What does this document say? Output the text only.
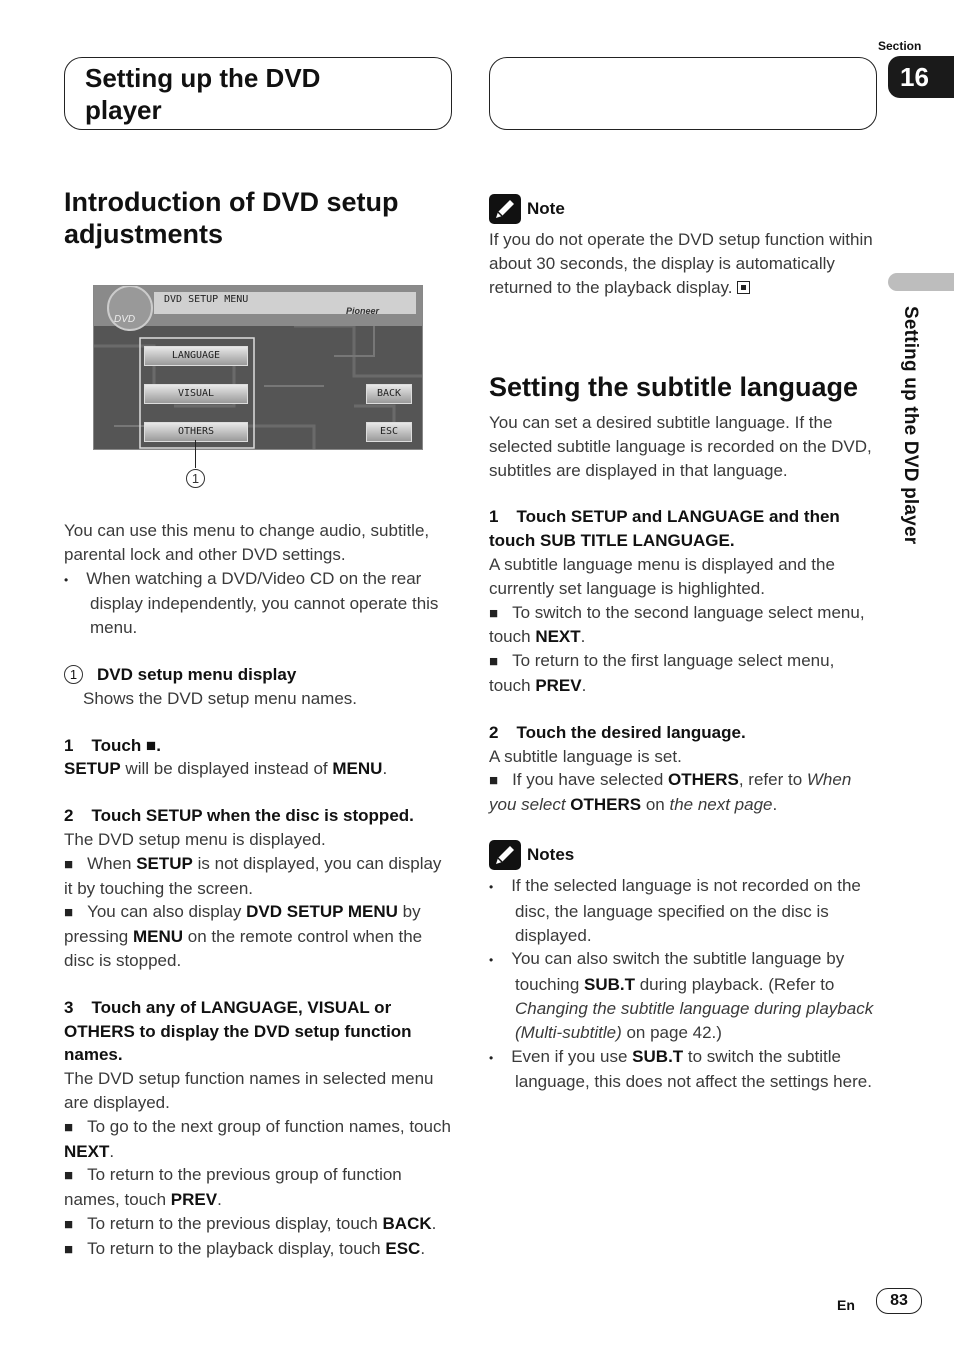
Setting up the DVD player
Section
16
Setting up the DVD player
Introduction of DVD setup adjustments
DVD
DVD SETUP MENU
Pioneer
LANGUAGE
VISUAL
OTHERS
BACK
ESC
1

You can use this menu to change audio, subtitle, parental lock and other DVD settings.

• When watching a DVD/Video CD on the rear display independently, you cannot operate this menu.

1 DVD setup menu display

Shows the DVD setup menu names.

1 Touch ■.

SETUP will be displayed instead of MENU.

2 Touch SETUP when the disc is stopped.

The DVD setup menu is displayed.

■ When SETUP is not displayed, you can display it by touching the screen.

■ You can also display DVD SETUP MENU by pressing MENU on the remote control when the disc is stopped.

3 Touch any of LANGUAGE, VISUAL or OTHERS to display the DVD setup function names.

The DVD setup function names in selected menu are displayed.

■ To go to the next group of function names, touch NEXT.

■ To return to the previous group of function names, touch PREV.

■ To return to the previous display, touch BACK.

■ To return to the playback display, touch ESC.

Note

If you do not operate the DVD setup function within about 30 seconds, the display is automatically returned to the playback display.

Setting the subtitle language

You can set a desired subtitle language. If the selected subtitle language is recorded on the DVD, subtitles are displayed in that language.

1 Touch SETUP and LANGUAGE and then touch SUB TITLE LANGUAGE.

A subtitle language menu is displayed and the currently set language is highlighted.

■ To switch to the second language select menu, touch NEXT.

■ To return to the first language select menu, touch PREV.

2 Touch the desired language.

A subtitle language is set.

■ If you have selected OTHERS, refer to When you select OTHERS on the next page.

Notes

• If the selected language is not recorded on the disc, the language specified on the disc is displayed.

• You can also switch the subtitle language by touching SUB.T during playback. (Refer to Changing the subtitle language during playback (Multi-subtitle) on page 42.)

• Even if you use SUB.T to switch the subtitle language, this does not affect the settings here.

En	83
